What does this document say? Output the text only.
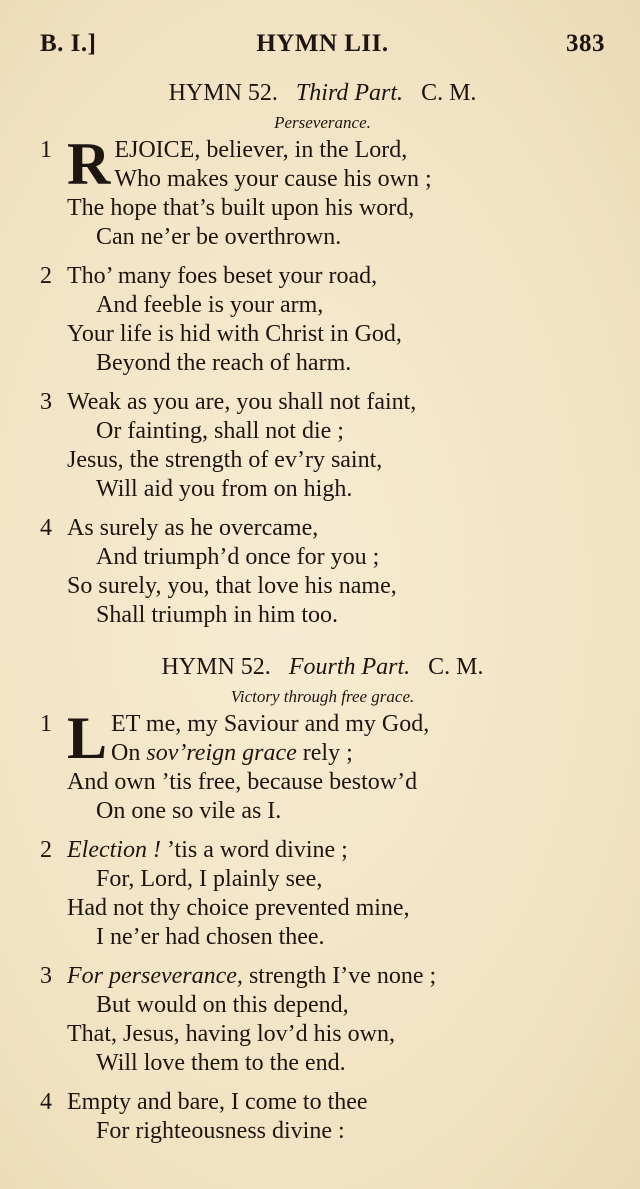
B. I.]	HYMN LII.	383
HYMN 52. Third Part. C. M.
Perseverance.
1 R EJOICE, believer, in the Lord,
Who makes your cause his own ;
The hope that’s built upon his word,
Can ne’er be overthrown.
2 Tho’ many foes beset your road,
And feeble is your arm,
Your life is hid with Christ in God,
Beyond the reach of harm.
3 Weak as you are, you shall not faint,
Or fainting, shall not die ;
Jesus, the strength of ev’ry saint,
Will aid you from on high.
4 As surely as he overcame,
And triumph’d once for you ;
So surely, you, that love his name,
Shall triumph in him too.
HYMN 52. Fourth Part. C. M.
Victory through free grace.
1 L ET me, my Saviour and my God,
On sov’reign grace rely ;
And own ’tis free, because bestow’d
On one so vile as I.
2 Election ! ’tis a word divine ;
For, Lord, I plainly see,
Had not thy choice prevented mine,
I ne’er had chosen thee.
3 For perseverance, strength I’ve none ;
But would on this depend,
That, Jesus, having lov’d his own,
Will love them to the end.
4 Empty and bare, I come to thee
For righteousness divine :
